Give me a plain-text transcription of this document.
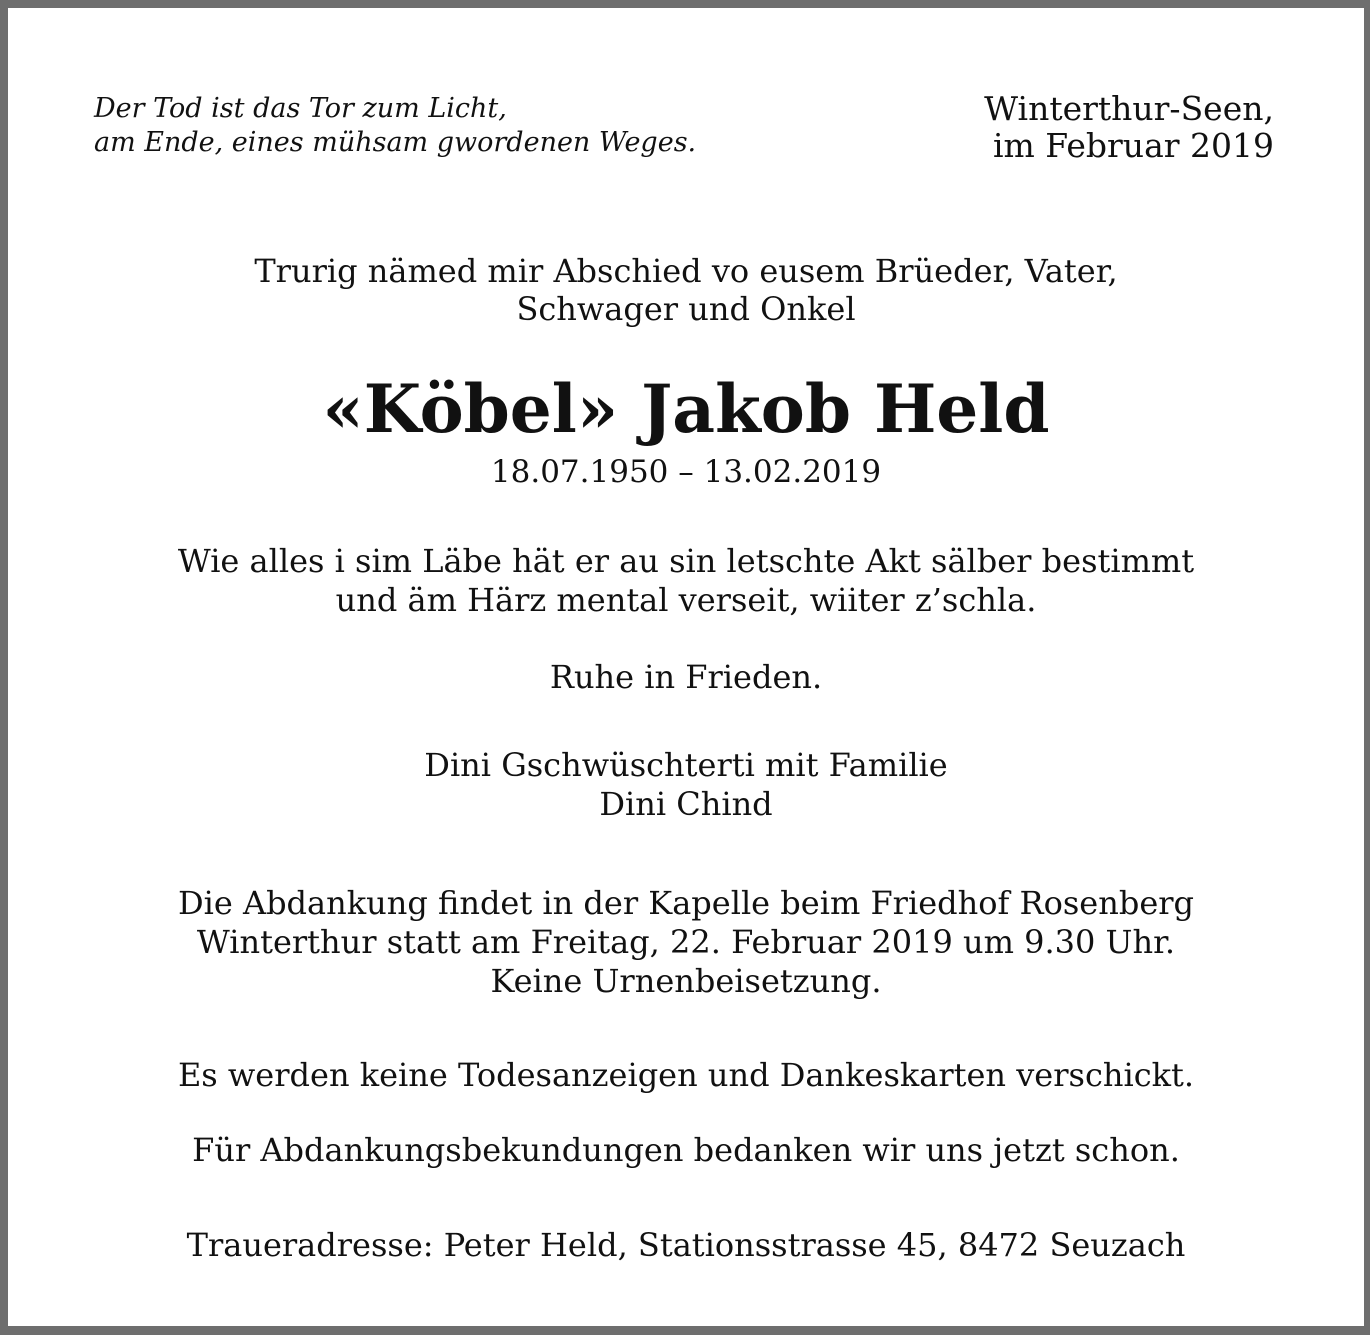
Der Tod ist das Tor zum Licht,
am Ende, eines mühsam gwordenen Weges.
Winterthur-Seen,
im Februar 2019
Trurig nämed mir Abschied vo eusem Brüeder, Vater,
Schwager und Onkel
«Köbel» Jakob Held
18.07.1950 – 13.02.2019
Wie alles i sim Läbe hät er au sin letschte Akt sälber bestimmt
und äm Härz mental verseit, wiiter z’schla.
Ruhe in Frieden.
Dini Gschwüschterti mit Familie
Dini Chind
Die Abdankung findet in der Kapelle beim Friedhof Rosenberg
Winterthur statt am Freitag, 22. Februar 2019 um 9.30 Uhr.
Keine Urnenbeisetzung.
Es werden keine Todesanzeigen und Dankeskarten verschickt.
Für Abdankungsbekundungen bedanken wir uns jetzt schon.
Traueradresse: Peter Held, Stationsstrasse 45, 8472 Seuzach
